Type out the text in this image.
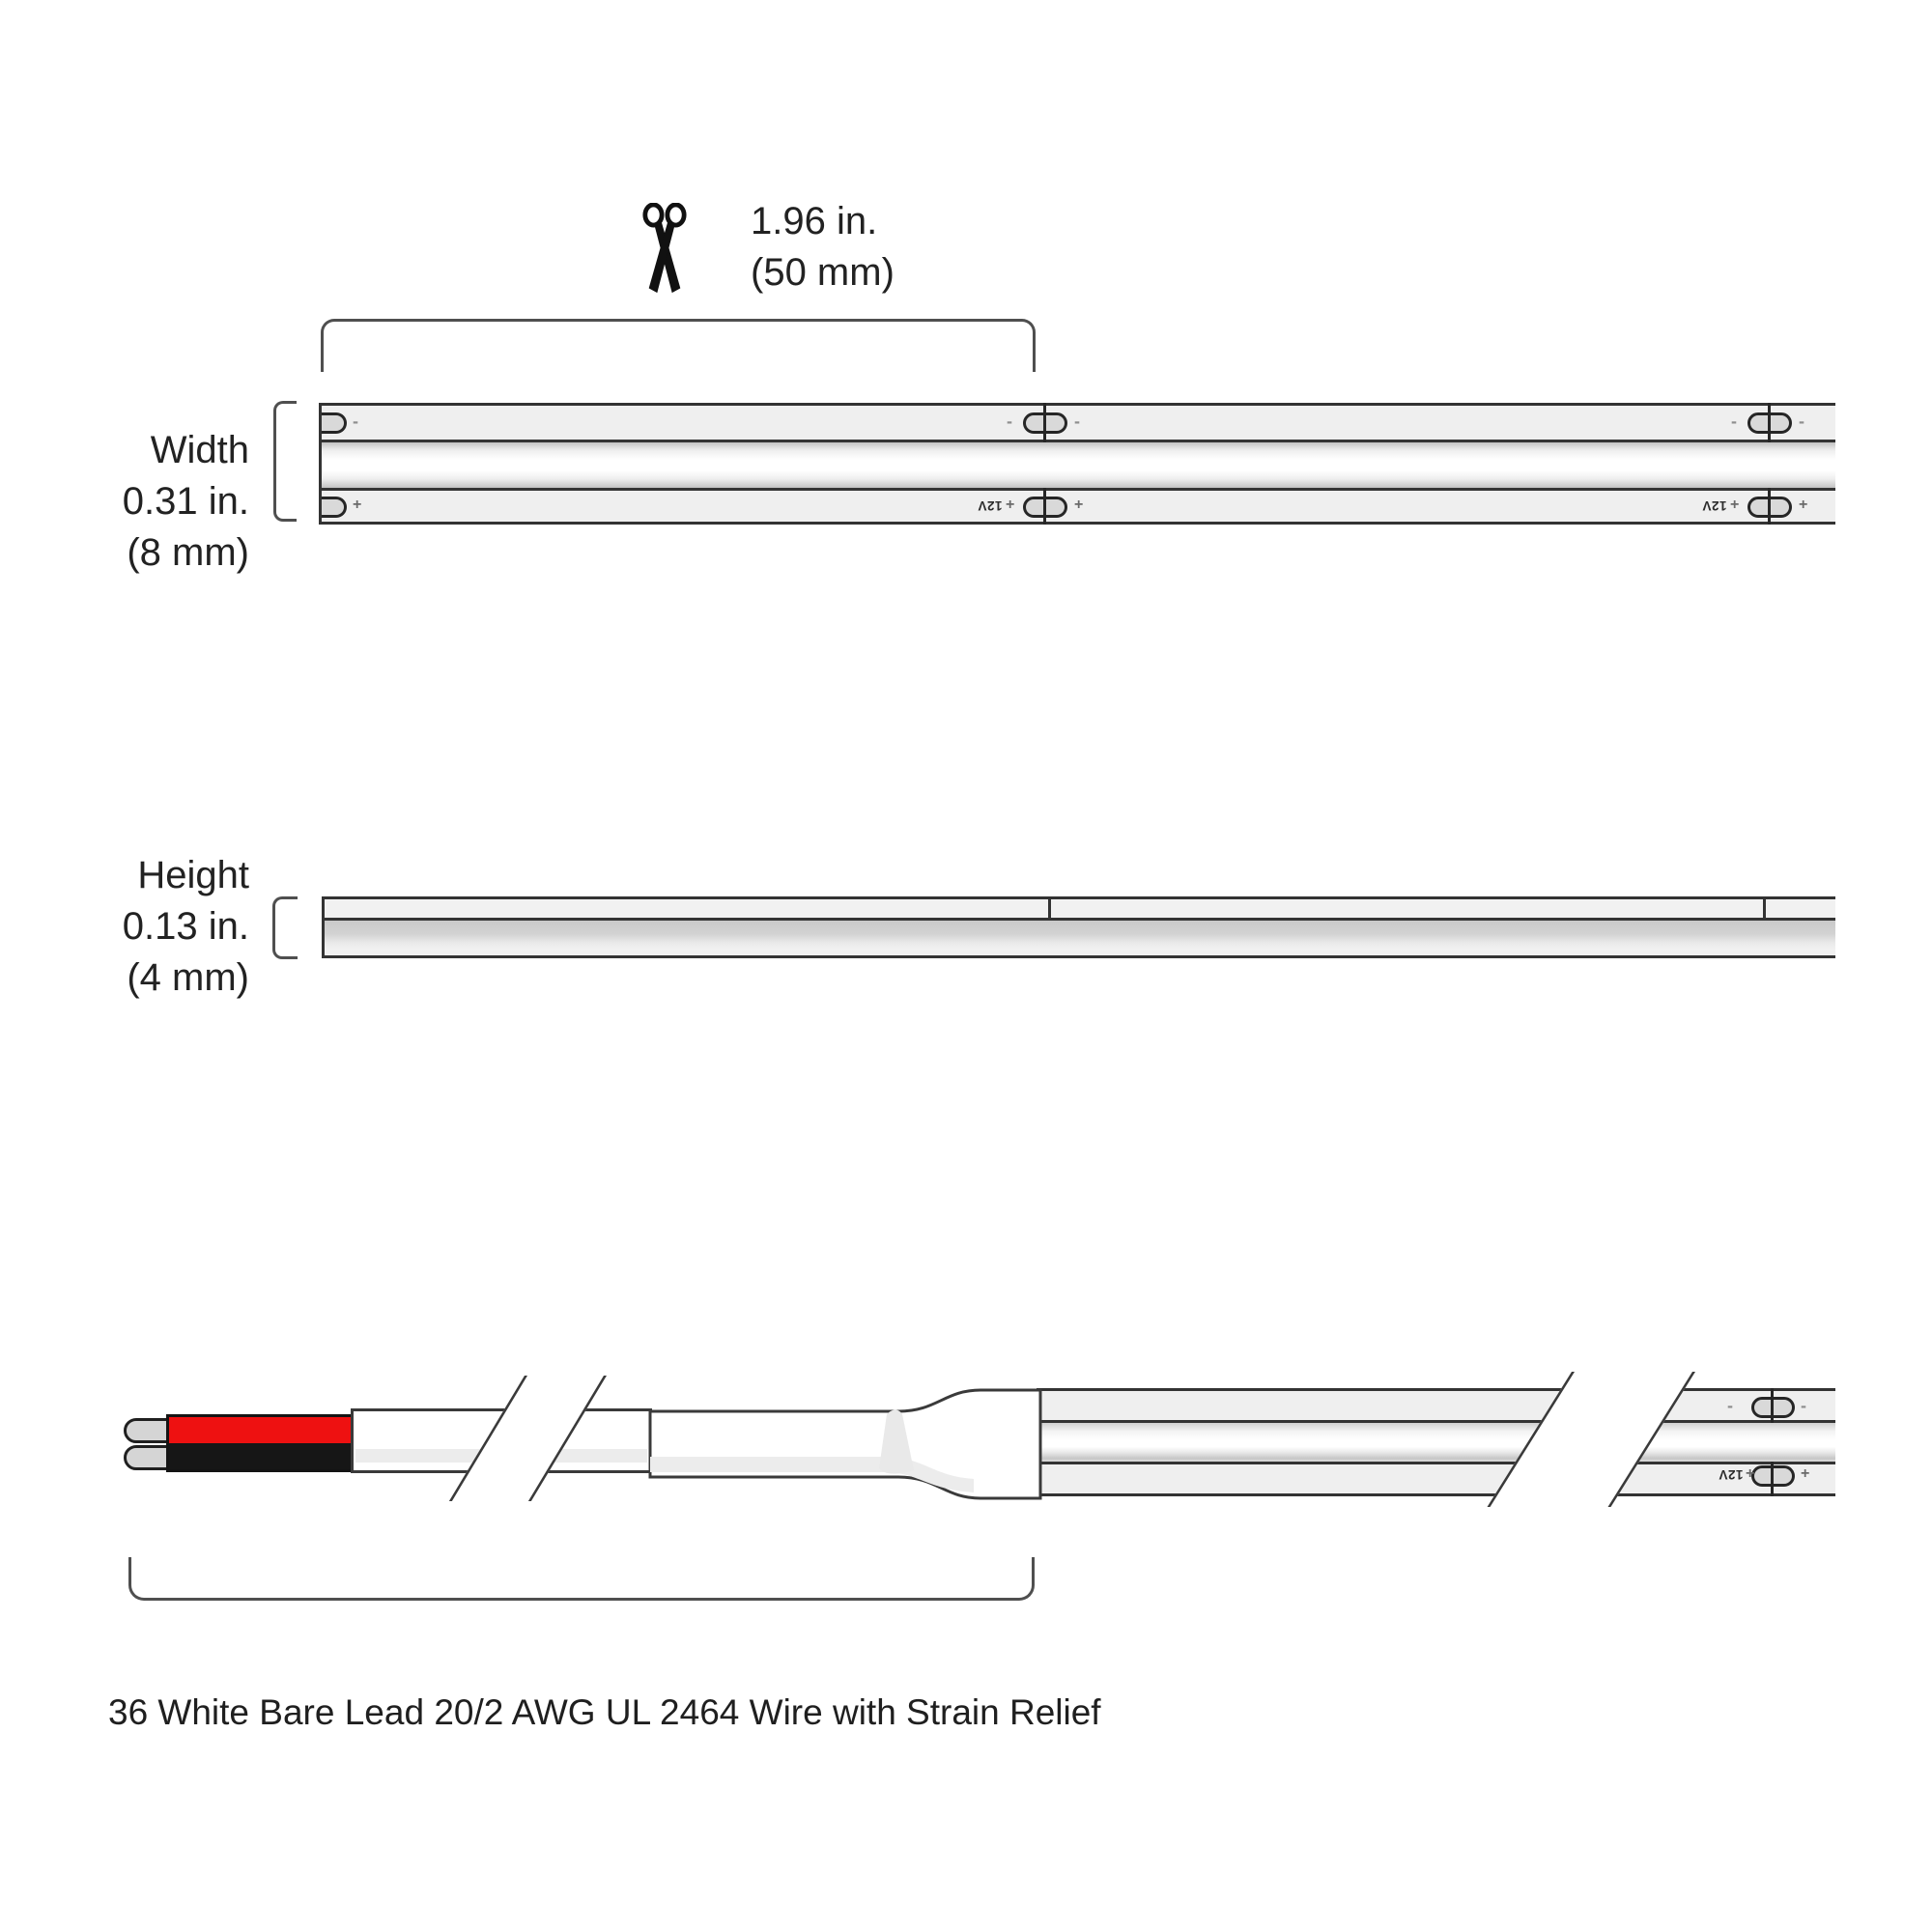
1.96 in.
(50 mm)
Width
0.31 in.
(8 mm)
-
+
-	-
12V +	+
-	-
12V +	+
Height
0.13 in.
(4 mm)
-	-
12V +	+
36 White Bare Lead 20/2 AWG UL 2464 Wire with Strain Relief
